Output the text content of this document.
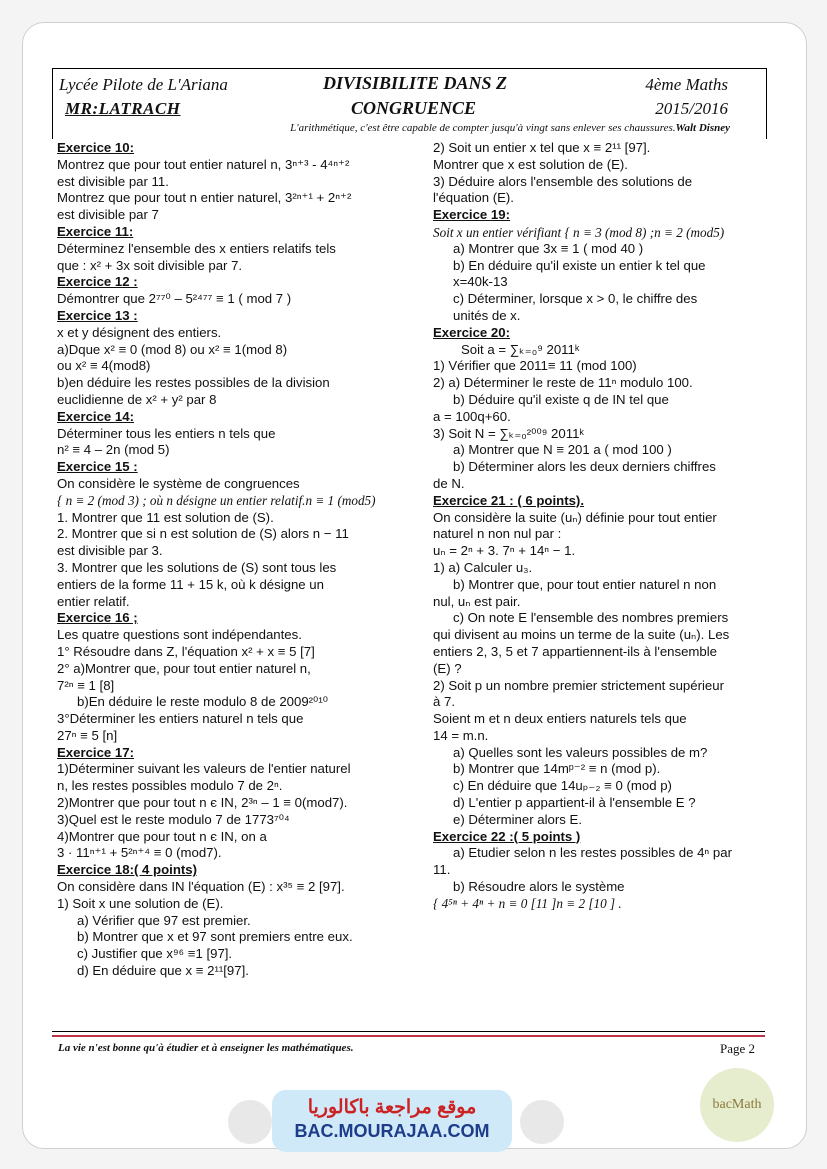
Lycée Pilote de L'Ariana
MR:LATRACH
DIVISIBILITE DANS Z
CONGRUENCE
4ème Maths
2015/2016
L'arithmétique, c'est être capable de compter jusqu'à vingt sans enlever ses chaussures.Walt Disney
Exercice 10:
Montrez que pour tout entier naturel n, 3ⁿ⁺³ - 4⁴ⁿ⁺²
est divisible par 11.
Montrez que pour tout n entier naturel, 3²ⁿ⁺¹ + 2ⁿ⁺²
est divisible par 7
Exercice 11:
Déterminez l'ensemble des x entiers relatifs tels
que : x² + 3x soit divisible par 7.
Exercice 12 :
Démontrer que 2⁷⁷⁰ – 5²⁴⁷⁷ ≡ 1 ( mod 7 )
Exercice 13 :
x et y désignent des entiers.
a)Dque x² ≡ 0 (mod 8) ou x² ≡ 1(mod 8)
ou x² ≡ 4(mod8)
b)en déduire les restes possibles de la division
euclidienne de x² + y² par 8
Exercice 14:
Déterminer tous les entiers n tels que
n² ≡ 4 – 2n (mod 5)
Exercice 15 :
On considère le système de congruences
{ n ≡ 2 (mod 3) ; où n désigne un entier relatif.n ≡ 1 (mod5)
1. Montrer que 11 est solution de (S).
2. Montrer que si n est solution de (S) alors n − 11
est divisible par 3.
3. Montrer que les solutions de (S) sont tous les
entiers de la forme 11 + 15 k, où k désigne un
entier relatif.
Exercice 16 ;
Les quatre questions sont indépendantes.
1° Résoudre dans Z, l'équation x² + x ≡ 5 [7]
2° a)Montrer que, pour tout entier naturel n,
7²ⁿ ≡ 1 [8]
b)En déduire le reste modulo 8 de 2009²⁰¹⁰
3°Déterminer les entiers naturel n tels que
27ⁿ ≡ 5 [n]
Exercice 17:
1)Déterminer suivant les valeurs de l'entier naturel
n, les restes possibles modulo 7 de 2ⁿ.
2)Montrer que pour tout n є IN, 2³ⁿ – 1 ≡ 0(mod7).
3)Quel est le reste modulo 7 de 1773⁷⁰⁴
4)Montrer que pour tout n є IN, on a
3 · 11ⁿ⁺¹ + 5²ⁿ⁺⁴ ≡ 0 (mod7).
Exercice 18:( 4 points)
On considère dans IN l'équation (E) : x³⁵ ≡ 2 [97].
1) Soit x une solution de (E).
a) Vérifier que 97 est premier.
b) Montrer que x et 97 sont premiers entre eux.
c) Justifier que x⁹⁶ ≡1 [97].
d) En déduire que x ≡ 2¹¹[97].
2) Soit un entier x tel que x ≡ 2¹¹ [97].
Montrer que x est solution de (E).
3) Déduire alors l'ensemble des solutions de
l'équation (E).
Exercice 19:
Soit x un entier vérifiant { n ≡ 3 (mod 8) ;n ≡ 2 (mod5)
a) Montrer que 3x ≡ 1 ( mod 40 )
b) En déduire qu'il existe un entier k tel que
x=40k-13
c) Déterminer, lorsque x > 0, le chiffre des
unités de x.
Exercice 20:
Soit a = ∑ₖ₌₀⁹ 2011ᵏ
1) Vérifier que 2011≡ 11 (mod 100)
2) a) Déterminer le reste de 11ⁿ modulo 100.
b) Déduire qu'il existe q de IN tel que
a = 100q+60.
3) Soit N = ∑ₖ₌₀²⁰⁰⁹ 2011ᵏ
a) Montrer que N ≡ 201 a ( mod 100 )
b) Déterminer alors les deux derniers chiffres
de N.
Exercice 21 : ( 6 points).
On considère la suite (uₙ) définie pour tout entier
naturel n non nul par :
uₙ = 2ⁿ + 3. 7ⁿ + 14ⁿ − 1.
1) a) Calculer u₃.
b) Montrer que, pour tout entier naturel n non
nul, uₙ est pair.
c) On note E l'ensemble des nombres premiers
qui divisent au moins un terme de la suite (uₙ). Les
entiers 2, 3, 5 et 7 appartiennent-ils à l'ensemble
(E) ?
2) Soit p un nombre premier strictement supérieur
à 7.
Soient m et n deux entiers naturels tels que
14 = m.n.
a) Quelles sont les valeurs possibles de m?
b) Montrer que 14mᵖ⁻² ≡ n (mod p).
c) En déduire que 14uₚ₋₂ ≡ 0 (mod p)
d) L'entier p appartient-il à l'ensemble E ?
e) Déterminer alors E.
Exercice 22 :( 5 points )
a) Etudier selon n les restes possibles de 4ⁿ par
11.
b) Résoudre alors le système
{ 4⁵ⁿ + 4ⁿ + n ≡ 0 [11 ]n ≡ 2 [10 ] .
La vie n'est bonne qu'à étudier et à enseigner les mathématiques.	Page 2
موقع مراجعة باكالوريا
BAC.MOURAJAA.COM
bacMath
